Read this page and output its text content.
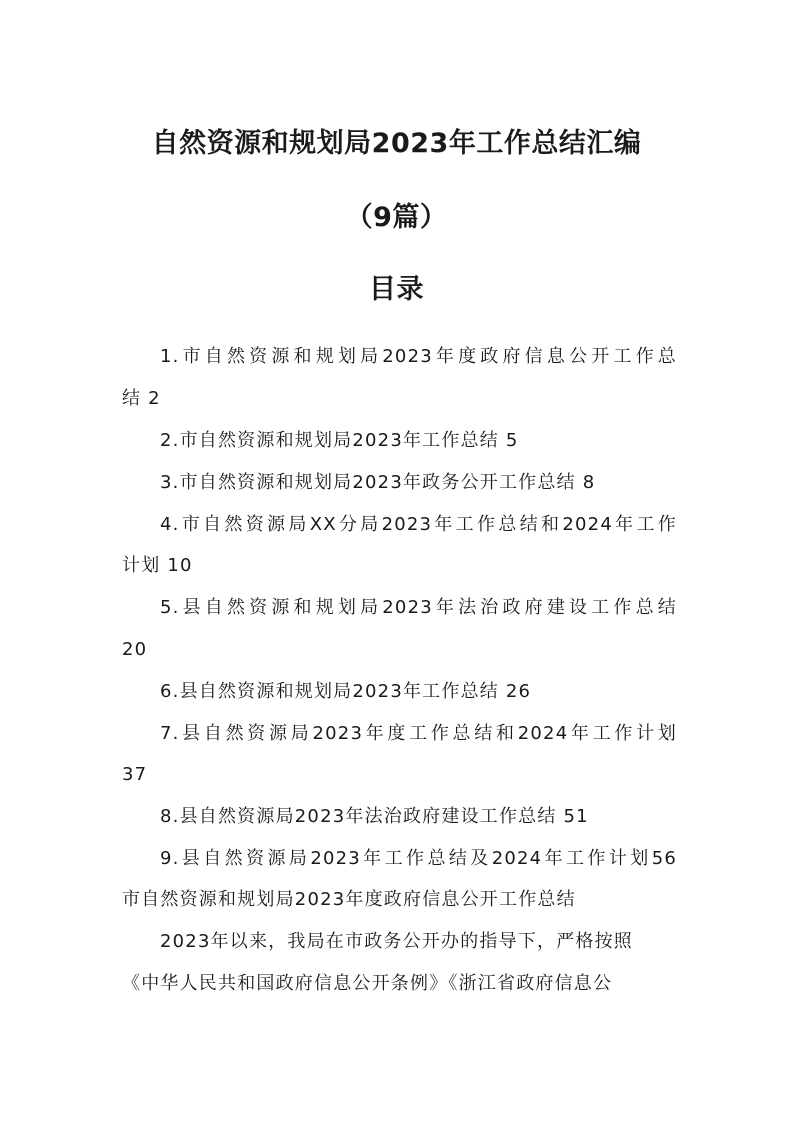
自然资源和规划局2023年工作总结汇编
（9篇）
目录
1.市自然资源和规划局2023年度政府信息公开工作总
结 2
2.市自然资源和规划局2023年工作总结 5
3.市自然资源和规划局2023年政务公开工作总结 8
4.市自然资源局XX分局2023年工作总结和2024年工作
计划 10
5.县自然资源和规划局2023年法治政府建设工作总结
20
6.县自然资源和规划局2023年工作总结 26
7.县自然资源局2023年度工作总结和2024年工作计划
37
8.县自然资源局2023年法治政府建设工作总结 51
9.县自然资源局2023年工作总结及2024年工作计划56
市自然资源和规划局2023年度政府信息公开工作总结
2023年以来，我局在市政务公开办的指导下，严格按照
《中华人民共和国政府信息公开条例》《浙江省政府信息公
